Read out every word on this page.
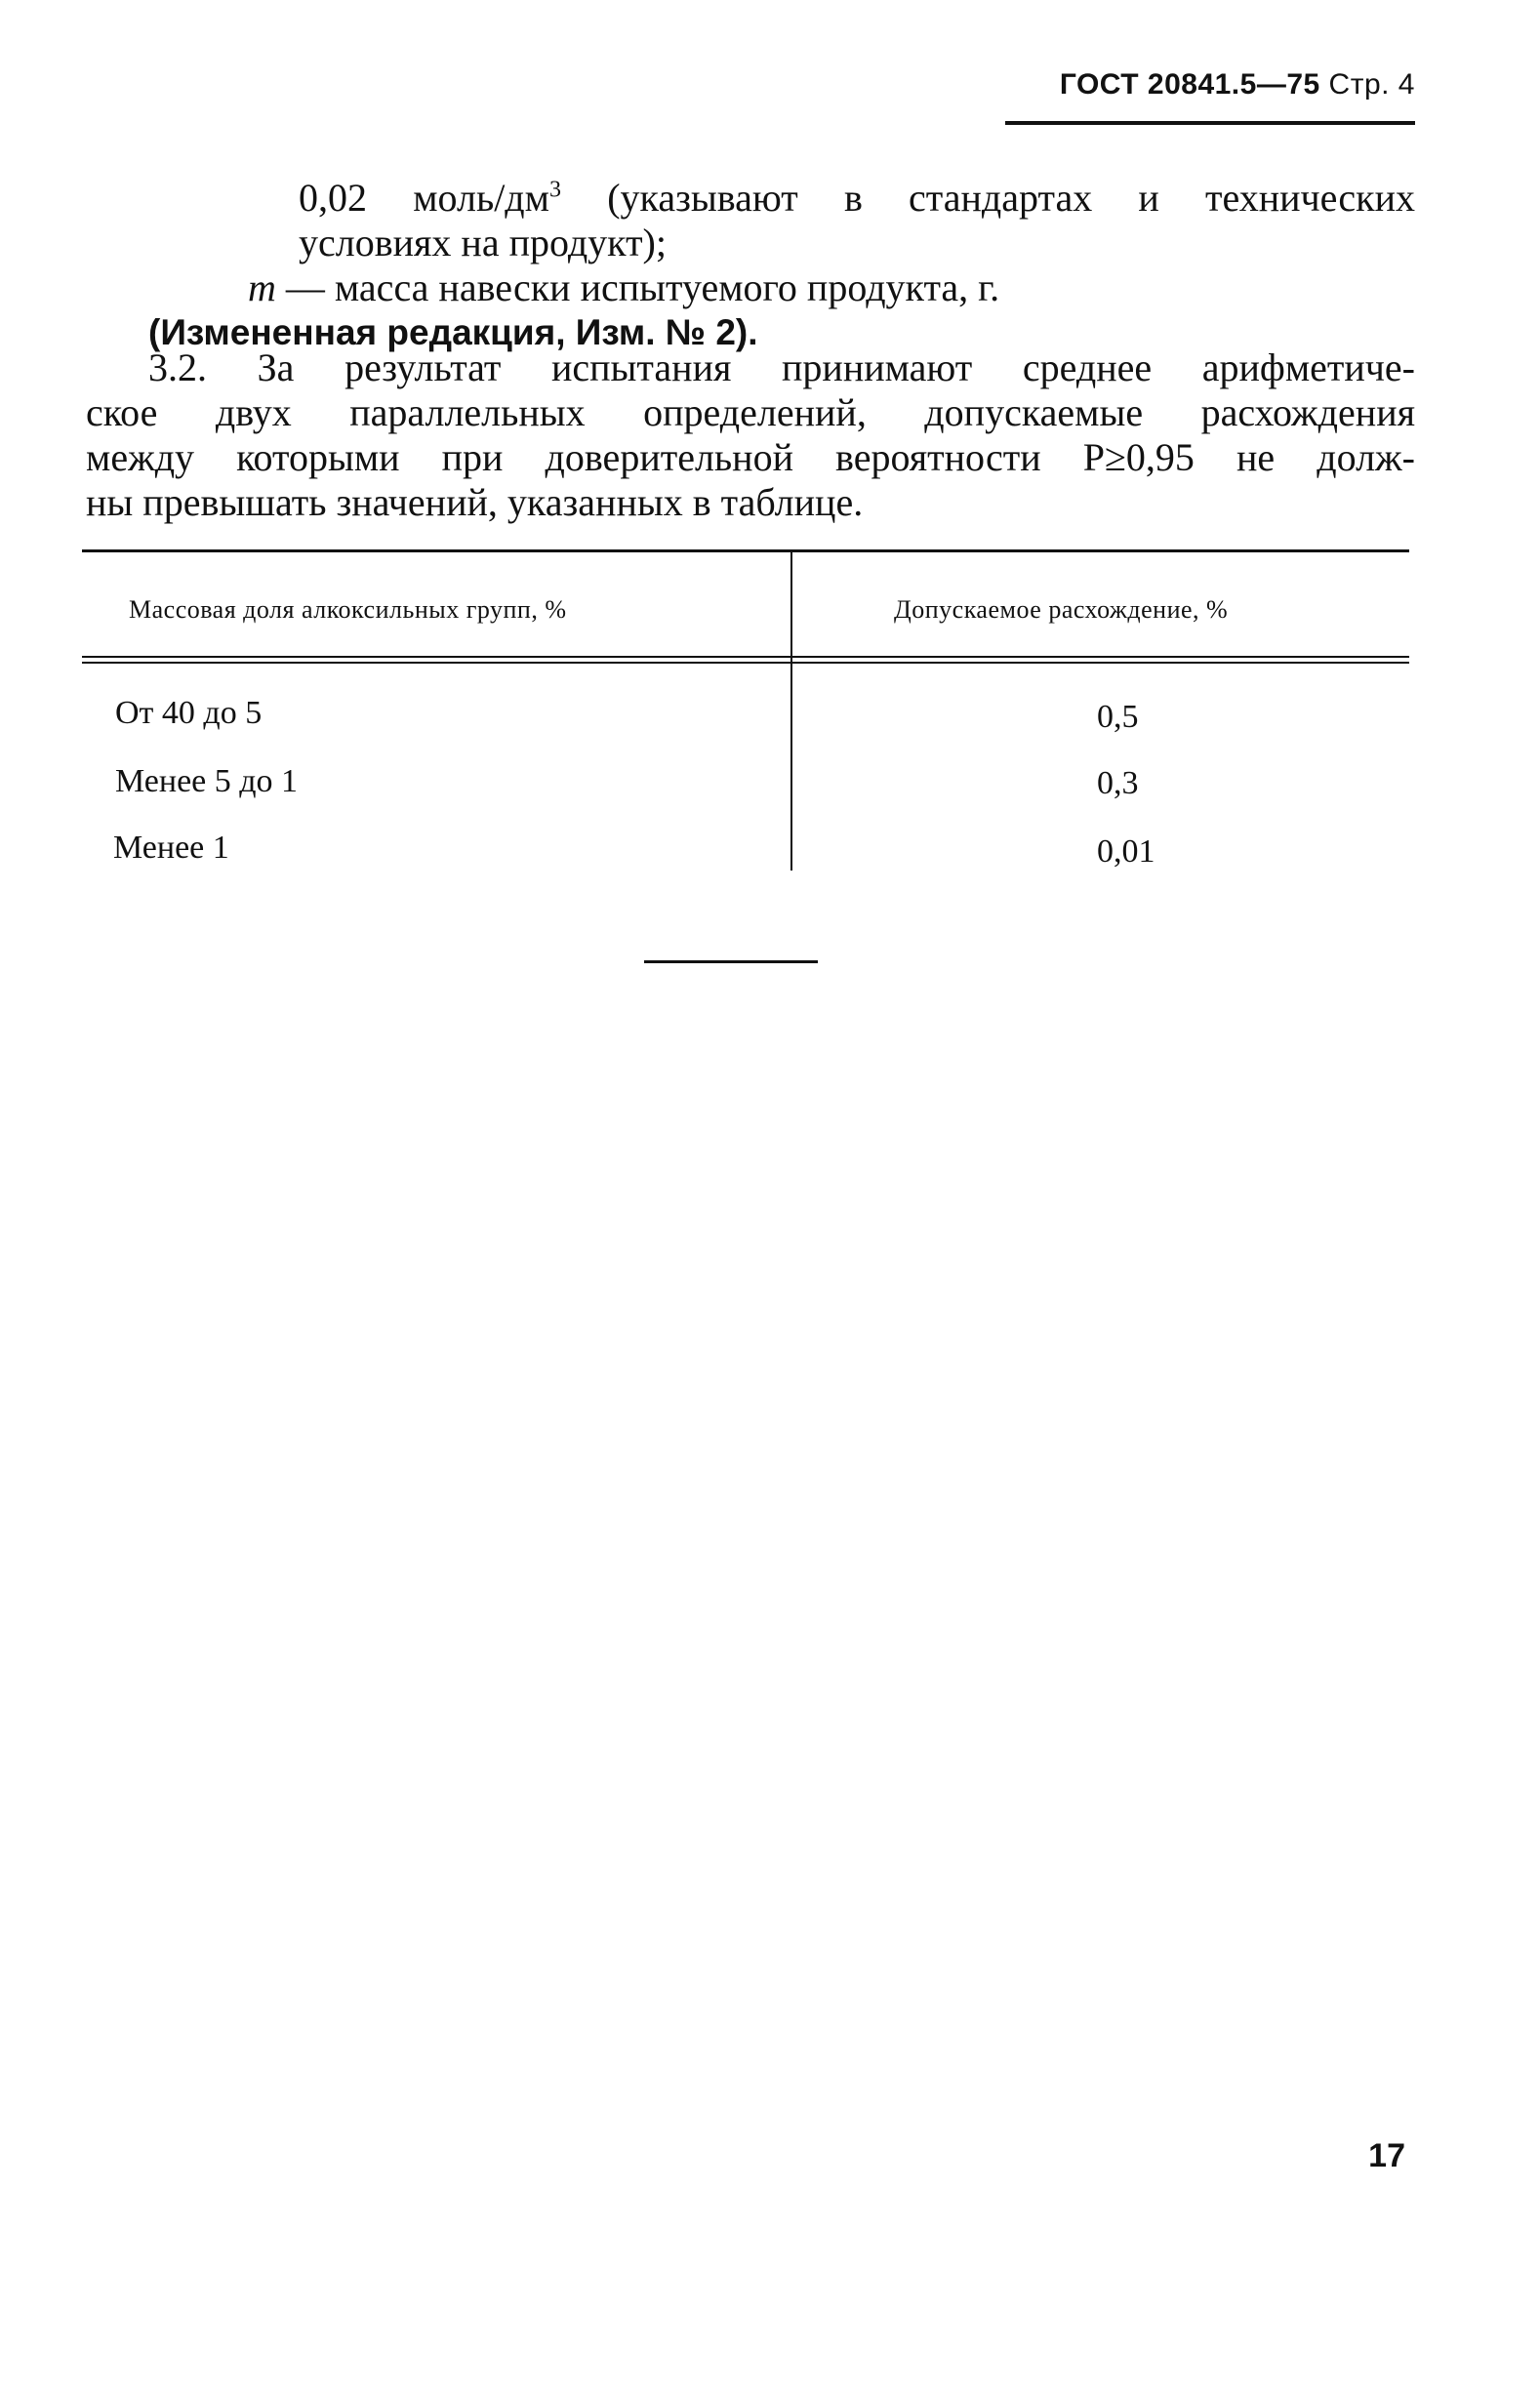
ГОСТ 20841.5—75 Стр. 4
0,02 моль/$дм^3$ (указывают в стандартах и технических
условиях на продукт);
m — масса навески испытуемого продукта, г.
(Измененная редакция, Изм. № 2).
3.2. За результат испытания принимают среднее арифметиче-
ское двух параллельных определений, допускаемые расхождения
между которыми при доверительной вероятности P≥0,95 не долж-
ны превышать значений, указанных в таблице.
Массовая доля алкоксильных групп, %	Допускаемое расхождение, %
От 40 до 5	0,5
Менее 5 до 1	0,3
Менее 1	0,01
17
